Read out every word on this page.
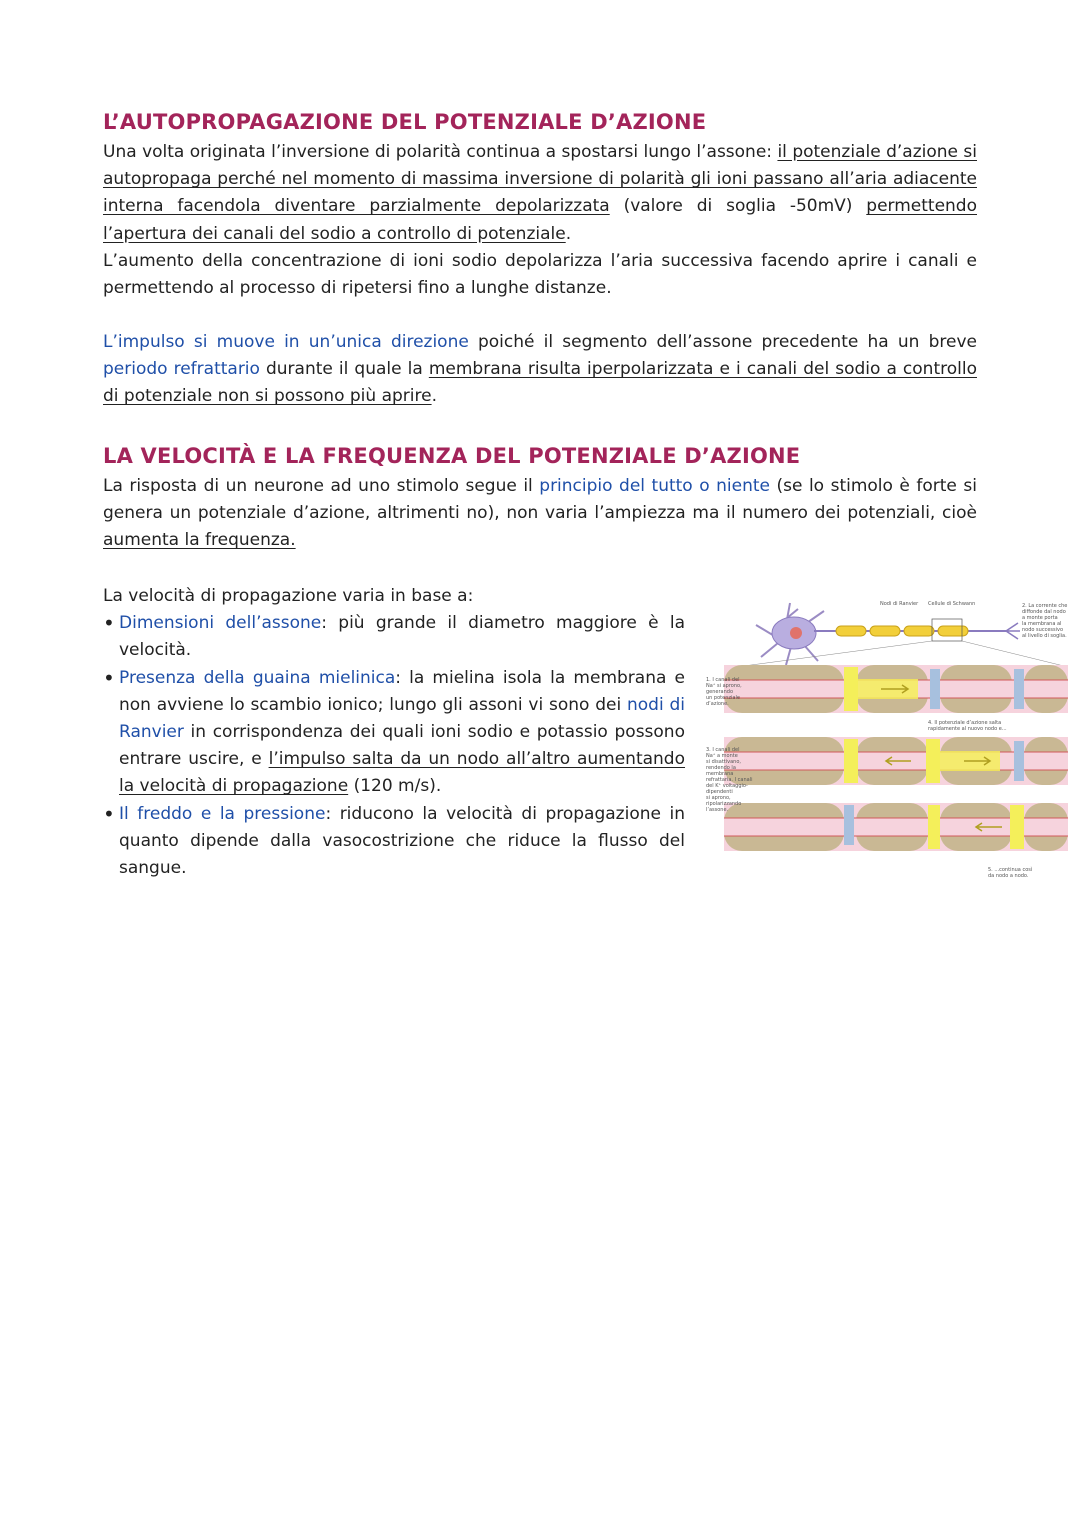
L’AUTOPROPAGAZIONE DEL POTENZIALE D’AZIONE

Una volta originata l’inversione di polarità continua a spostarsi lungo l’assone: il potenziale d’azione si autopropaga perché nel momento di massima inversione di polarità gli ioni passano all’aria adiacente interna facendola diventare parzialmente depolarizzata (valore di soglia -50mV) permettendo l’apertura dei canali del sodio a controllo di potenziale.

L’aumento della concentrazione di ioni sodio depolarizza l’aria successiva facendo aprire i canali e permettendo al processo di ripetersi fino a lunghe distanze.

L’impulso si muove in un’unica direzione poiché il segmento dell’assone precedente ha un breve periodo refrattario durante il quale la membrana risulta iperpolarizzata e i canali del sodio a controllo di potenziale non si possono più aprire.

LA VELOCITÀ E LA FREQUENZA DEL POTENZIALE D’AZIONE

La risposta di un neurone ad uno stimolo segue il principio del tutto o niente (se lo stimolo è forte si genera un potenziale d’azione, altrimenti no), non varia l’ampiezza ma il numero dei potenziali, cioè aumenta la frequenza.

La velocità di propagazione varia in base a:

• Dimensioni dell’assone: più grande il diametro maggiore è la velocità.
• Presenza della guaina mielinica: la mielina isola la membrana e non avviene lo scambio ionico; lungo gli assoni vi sono dei nodi di Ranvier in corrispondenza dei quali ioni sodio e potassio possono entrare uscire, e l’impulso salta da un nodo all’altro aumentando la velocità di propagazione (120 m/s).
• Il freddo e la pressione: riducono la velocità di propagazione in quanto dipende dalla vasocostrizione che riduce la flusso del sangue.
Nodi di Ranvier Cellule di Schwann
1. I canali del
Na⁺ si aprono,
generando
un potenziale
d’azione.
2. La corrente che
diffonde dal nodo
a monte porta
la membrana al
nodo successivo
al livello di soglia.
3. I canali del
Na⁺ a monte
si disattivano,
rendendo la
membrana
refrattaria. I canali
del K⁺ voltaggio-
dipendenti
si aprono,
ripolarizzando
l’assone.
4. Il potenziale d’azione salta
rapidamente al nuovo nodo e...
5. ...continua così
da nodo a nodo.
